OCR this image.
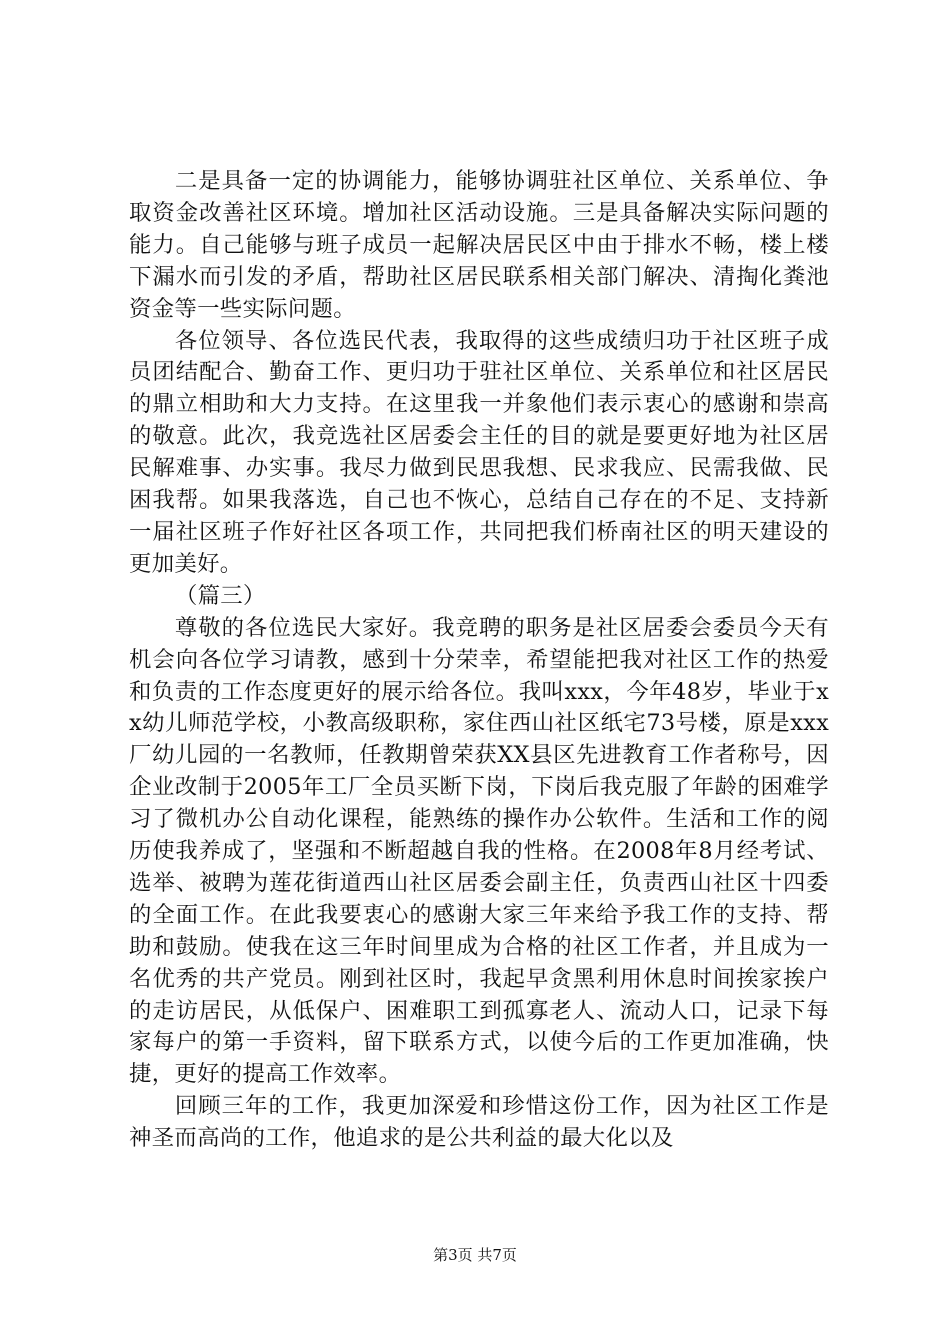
二是具备一定的协调能力，能够协调驻社区单位、关系单位、争取资金改善社区环境。增加社区活动设施。三是具备解决实际问题的能力。自己能够与班子成员一起解决居民区中由于排水不畅，楼上楼下漏水而引发的矛盾，帮助社区居民联系相关部门解决、清掏化粪池资金等一些实际问题。

各位领导、各位选民代表，我取得的这些成绩归功于社区班子成员团结配合、勤奋工作、更归功于驻社区单位、关系单位和社区居民的鼎立相助和大力支持。在这里我一并象他们表示衷心的感谢和崇高的敬意。此次，我竞选社区居委会主任的目的就是要更好地为社区居民解难事、办实事。我尽力做到民思我想、民求我应、民需我做、民困我帮。如果我落选，自己也不恢心，总结自己存在的不足、支持新一届社区班子作好社区各项工作，共同把我们桥南社区的明天建设的更加美好。

（篇三）

尊敬的各位选民大家好。我竞聘的职务是社区居委会委员今天有机会向各位学习请教，感到十分荣幸，希望能把我对社区工作的热爱和负责的工作态度更好的展示给各位。我叫xxx，今年48岁，毕业于xx幼儿师范学校，小教高级职称，家住西山社区纸宅73号楼，原是xxx厂幼儿园的一名教师，任教期曾荣获XX县区先进教育工作者称号，因企业改制于2005年工厂全员买断下岗，下岗后我克服了年龄的困难学习了微机办公自动化课程，能熟练的操作办公软件。生活和工作的阅历使我养成了，坚强和不断超越自我的性格。在2008年8月经考试、选举、被聘为莲花街道西山社区居委会副主任，负责西山社区十四委的全面工作。在此我要衷心的感谢大家三年来给予我工作的支持、帮助和鼓励。使我在这三年时间里成为合格的社区工作者，并且成为一名优秀的共产党员。刚到社区时，我起早贪黑利用休息时间挨家挨户的走访居民，从低保户、困难职工到孤寡老人、流动人口，记录下每家每户的第一手资料，留下联系方式，以使今后的工作更加准确，快捷，更好的提高工作效率。

回顾三年的工作，我更加深爱和珍惜这份工作，因为社区工作是神圣而高尚的工作，他追求的是公共利益的最大化以及

第3页 共7页
